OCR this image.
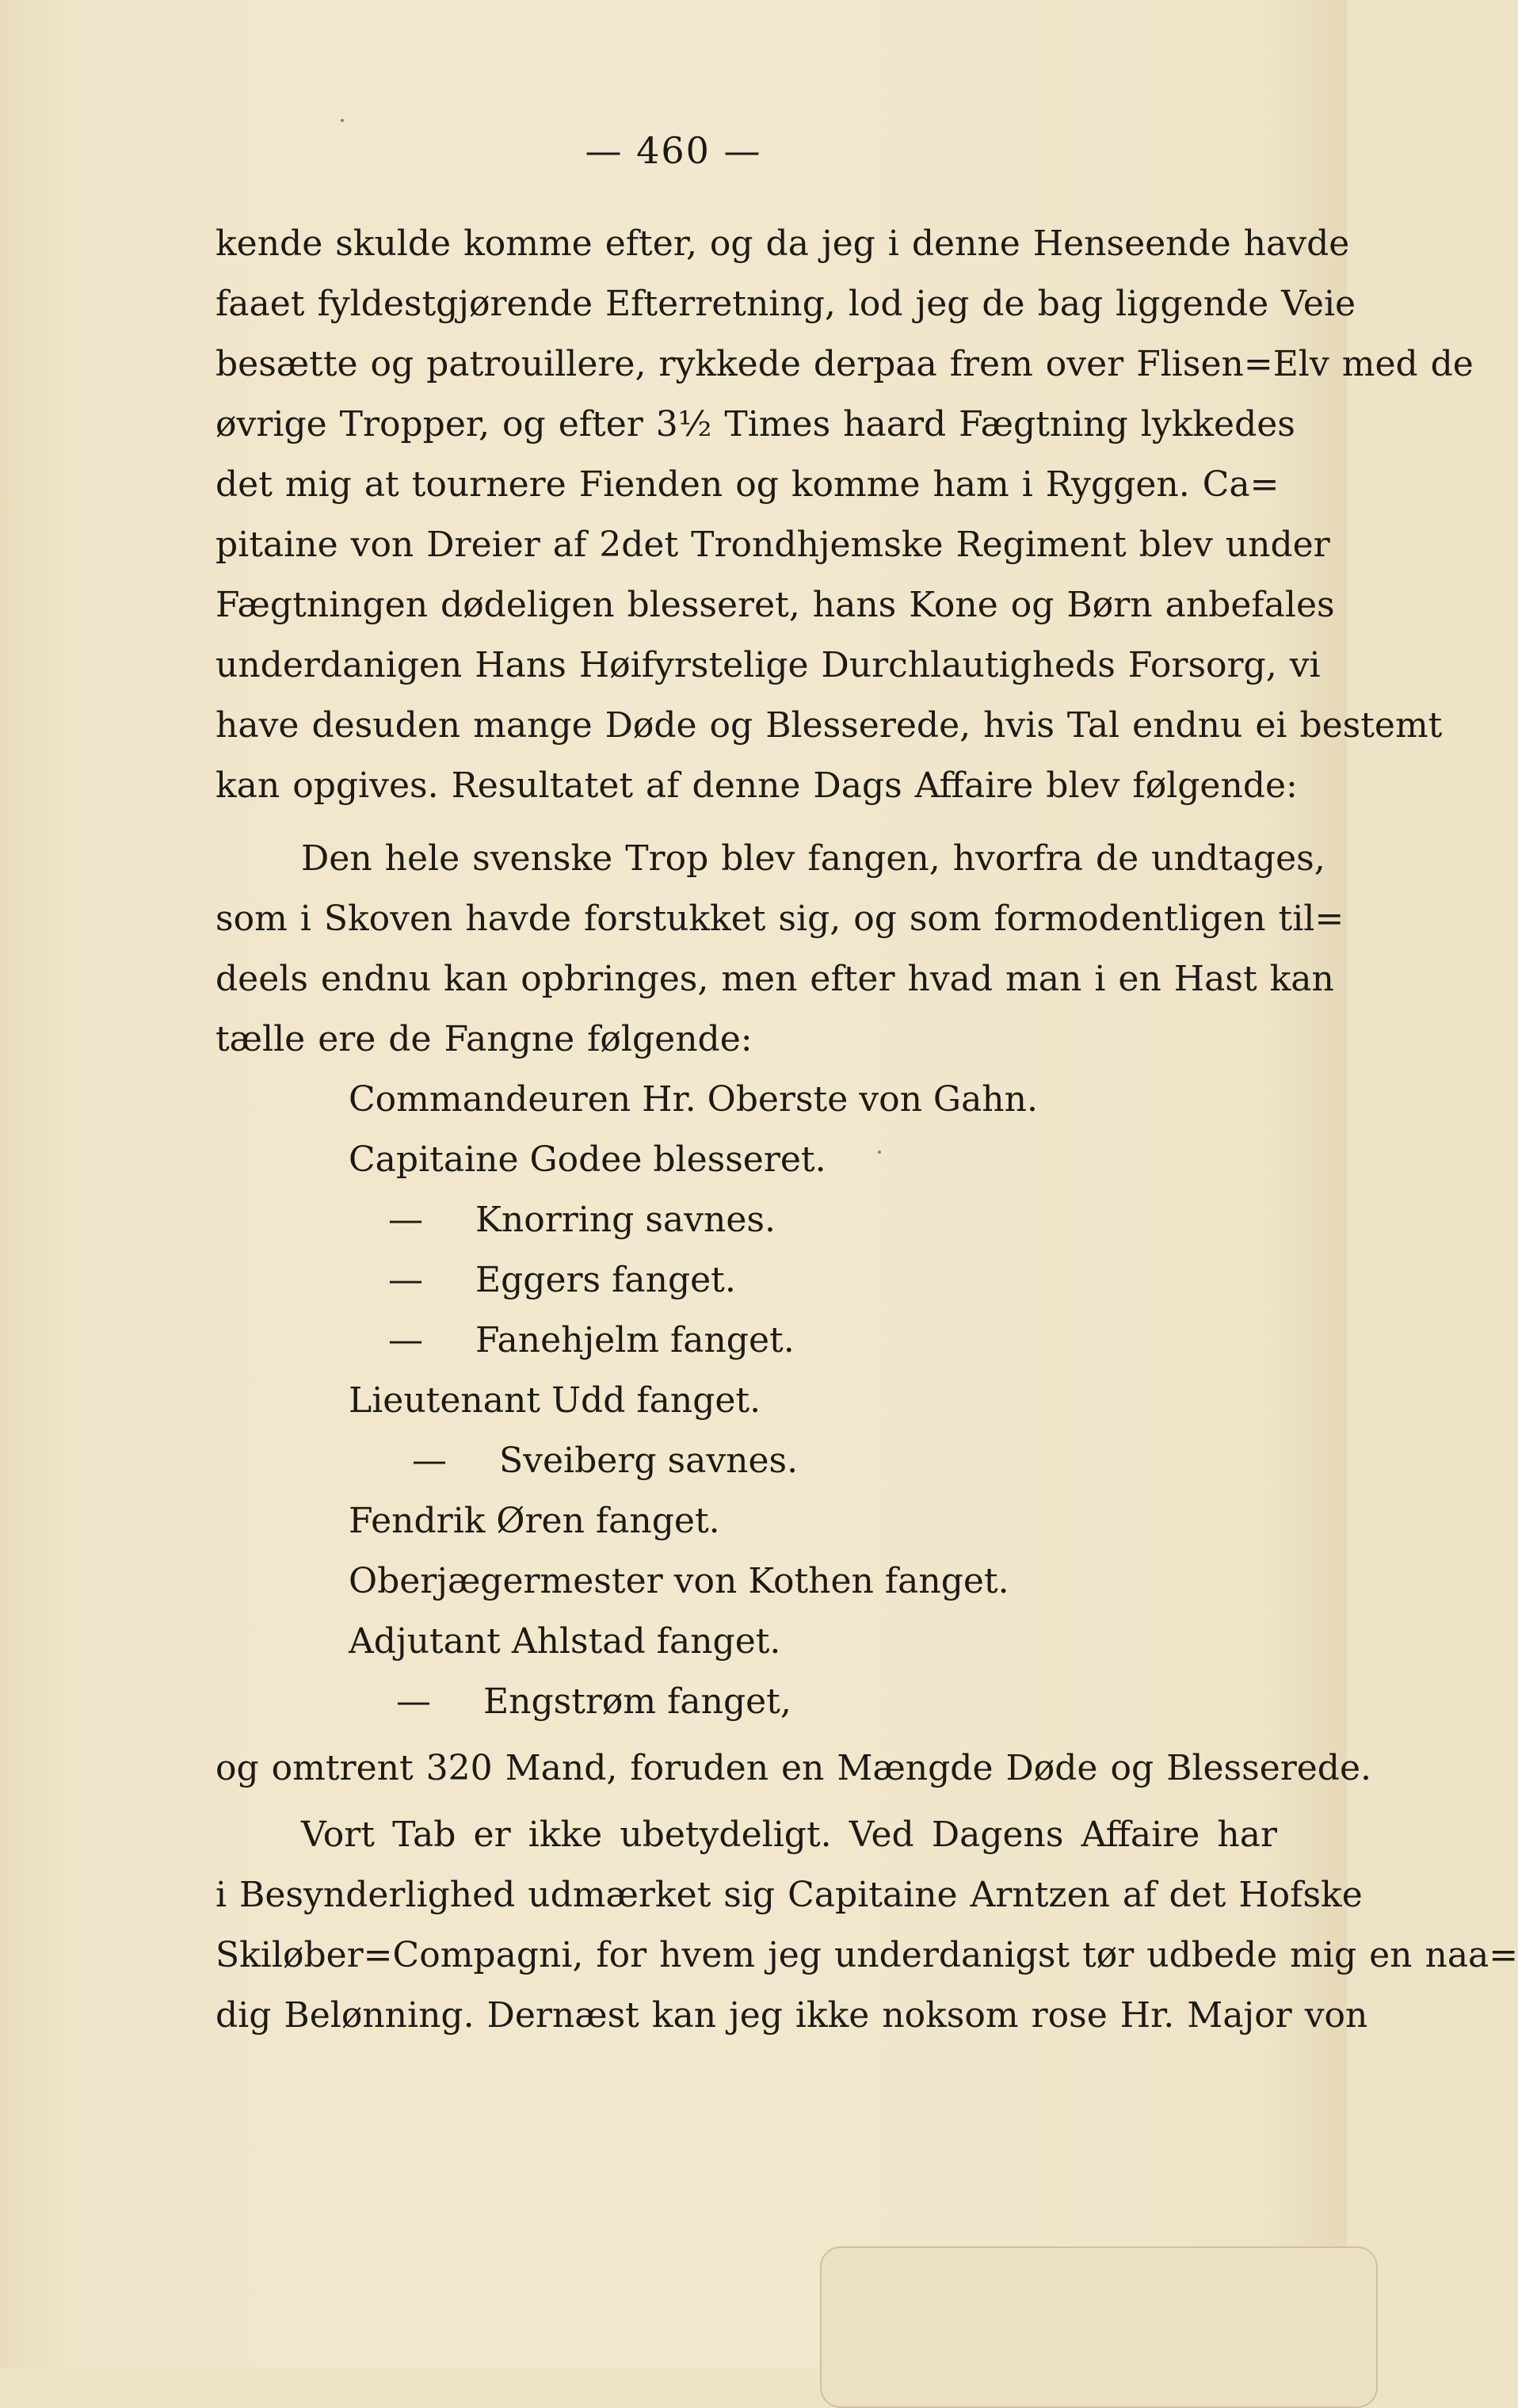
— 460 —
kende skulde komme efter, og da jeg i denne Henseende havde
faaet fyldestgjørende Efterretning, lod jeg de bag liggende Veie
besætte og patrouillere, rykkede derpaa frem over Flisen=Elv med de
øvrige Tropper, og efter 3½ Times haard Fægtning lykkedes
det mig at tournere Fienden og komme ham i Ryggen. Ca=
pitaine von Dreier af 2det Trondhjemske Regiment blev under
Fægtningen dødeligen blesseret, hans Kone og Børn anbefales
underdanigen Hans Høifyrstelige Durchlautigheds Forsorg, vi
have desuden mange Døde og Blesserede, hvis Tal endnu ei bestemt
kan opgives. Resultatet af denne Dags Affaire blev følgende:
Den hele svenske Trop blev fangen, hvorfra de undtages,
som i Skoven havde forstukket sig, og som formodentligen til=
deels endnu kan opbringes, men efter hvad man i en Hast kan
tælle ere de Fangne følgende:
Commandeuren Hr. Oberste von Gahn.
Capitaine Godee blesseret.
— Knorring savnes.
— Eggers fanget.
— Fanehjelm fanget.
Lieutenant Udd fanget.
— Sveiberg savnes.
Fendrik Øren fanget.
Oberjægermester von Kothen fanget.
Adjutant Ahlstad fanget.
— Engstrøm fanget,
og omtrent 320 Mand, foruden en Mængde Døde og Blesserede.
Vort Tab er ikke ubetydeligt. Ved Dagens Affaire har
i Besynderlighed udmærket sig Capitaine Arntzen af det Hofske
Skiløber=Compagni, for hvem jeg underdanigst tør udbede mig en naa=
dig Belønning. Dernæst kan jeg ikke noksom rose Hr. Major von
